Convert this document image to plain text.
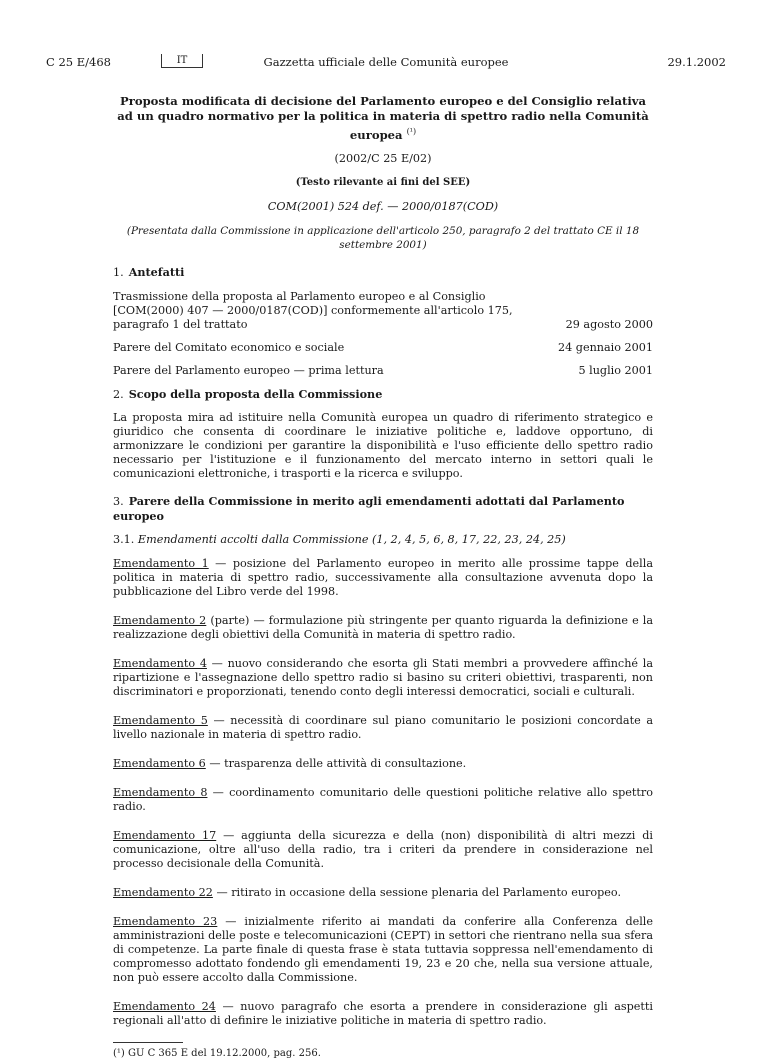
C 25 E/468	IT	Gazzetta ufficiale delle Comunità europee	29.1.2002

Proposta modificata di decisione del Parlamento europeo e del Consiglio relativa ad un quadro normativo per la politica in materia di spettro radio nella Comunità europea $^{(^1)}$

(2002/C 25 E/02)
(Testo rilevante ai fini del SEE)
COM(2001) 524 def. — 2000/0187(COD)
(Presentata dalla Commissione in applicazione dell'articolo 250, paragrafo 2 del trattato CE il 18 settembre 2001)
1. Antefatti
Trasmissione della proposta al Parlamento europeo e al Consiglio [COM(2000) 407 — 2000/0187(COD)] conformemente all'articolo 175, paragrafo 1 del trattato	29 agosto 2000
Parere del Comitato economico e sociale	24 gennaio 2001
Parere del Parlamento europeo — prima lettura	5 luglio 2001
2. Scopo della proposta della Commissione
La proposta mira ad istituire nella Comunità europea un quadro di riferimento strategico e giuridico che consenta di coordinare le iniziative politiche e, laddove opportuno, di armonizzare le condizioni per garantire la disponibilità e l'uso efficiente dello spettro radio necessario per l'istituzione e il funzionamento del mercato interno in settori quali le comunicazioni elettroniche, i trasporti e la ricerca e sviluppo.
3. Parere della Commissione in merito agli emendamenti adottati dal Parlamento europeo
3.1. Emendamenti accolti dalla Commissione (1, 2, 4, 5, 6, 8, 17, 22, 23, 24, 25)
Emendamento 1 — posizione del Parlamento europeo in merito alle prossime tappe della politica in materia di spettro radio, successivamente alla consultazione avvenuta dopo la pubblicazione del Libro verde del 1998.
Emendamento 2 (parte) — formulazione più stringente per quanto riguarda la definizione e la realizzazione degli obiettivi della Comunità in materia di spettro radio.
Emendamento 4 — nuovo considerando che esorta gli Stati membri a provvedere affinché la ripartizione e l'assegnazione dello spettro radio si basino su criteri obiettivi, trasparenti, non discriminatori e proporzionati, tenendo conto degli interessi democratici, sociali e culturali.
Emendamento 5 — necessità di coordinare sul piano comunitario le posizioni concordate a livello nazionale in materia di spettro radio.
Emendamento 6 — trasparenza delle attività di consultazione.
Emendamento 8 — coordinamento comunitario delle questioni politiche relative allo spettro radio.
Emendamento 17 — aggiunta della sicurezza e della (non) disponibilità di altri mezzi di comunicazione, oltre all'uso della radio, tra i criteri da prendere in considerazione nel processo decisionale della Comunità.
Emendamento 22 — ritirato in occasione della sessione plenaria del Parlamento europeo.
Emendamento 23 — inizialmente riferito ai mandati da conferire alla Conferenza delle amministrazioni delle poste e telecomunicazioni (CEPT) in settori che rientrano nella sua sfera di competenze. La parte finale di questa frase è stata tuttavia soppressa nell'emendamento di compromesso adottato fondendo gli emendamenti 19, 23 e 20 che, nella sua versione attuale, non può essere accolto dalla Commissione.
Emendamento 24 — nuovo paragrafo che esorta a prendere in considerazione gli aspetti regionali all'atto di definire le iniziative politiche in materia di spettro radio.
(¹) GU C 365 E del 19.12.2000, pag. 256.
